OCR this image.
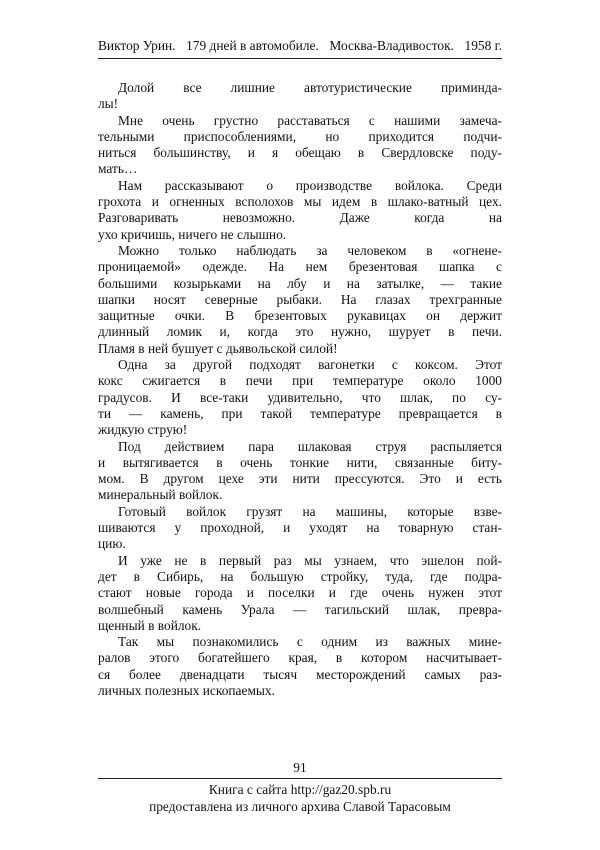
Виктор Урин. 179 дней в автомобиле. Москва-Владивосток. 1958 г.
Долой все лишние автотуристические приминда-
лы!
Мне очень грустно расставаться с нашими замеча-
тельными приспособлениями, но приходится подчи-
ниться большинству, и я обещаю в Свердловске поду-
мать…
Нам рассказывают о производстве войлока. Среди
грохота и огненных всполохов мы идем в шлако-ватный цех.
Разговаривать невозможно. Даже когда на
ухо кричишь, ничего не слышно.
Можно только наблюдать за человеком в «огнене-
проницаемой» одежде. На нем брезентовая шапка с
большими козырьками на лбу и на затылке, — такие
шапки носят северные рыбаки. На глазах трехгранные
защитные очки. В брезентовых рукавицах он держит
длинный ломик и, когда это нужно, шурует в печи.
Пламя в ней бушует с дьявольской силой!
Одна за другой подходят вагонетки с коксом. Этот
кокс сжигается в печи при температуре около 1000
градусов. И все-таки удивительно, что шлак, по су-
ти — камень, при такой температуре превращается в
жидкую струю!
Под действием пара шлаковая струя распыляется
и вытягивается в очень тонкие нити, связанные биту-
мом. В другом цехе эти нити прессуются. Это и есть
минеральный войлок.
Готовый войлок грузят на машины, которые взве-
шиваются у проходной, и уходят на товарную стан-
цию.
И уже не в первый раз мы узнаем, что эшелон пой-
дет в Сибирь, на большую стройку, туда, где подра-
стают новые города и поселки и где очень нужен этот
волшебный камень Урала — тагильский шлак, превра-
щенный в войлок.
Так мы познакомились с одним из важных мине-
ралов этого богатейшего края, в котором насчитывает-
ся более двенадцати тысяч месторождений самых раз-
личных полезных ископаемых.
91
Книга с сайта http://gaz20.spb.ru
предоставлена из личного архива Славой Тарасовым
